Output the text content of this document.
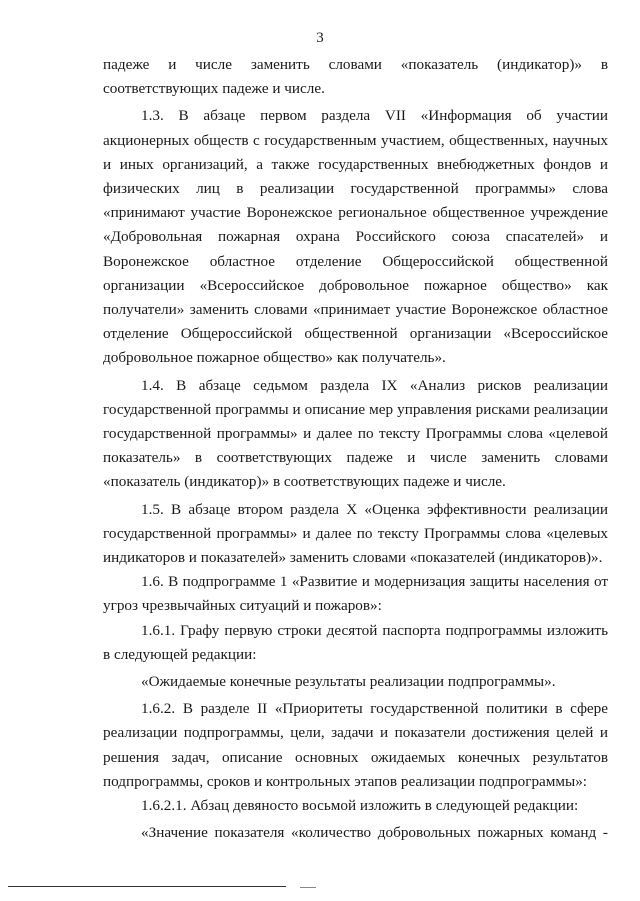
3

падеже и числе заменить словами «показатель (индикатор)» в соответствующих падеже и числе.

1.3. В абзаце первом раздела VII «Информация об участии акционерных обществ с государственным участием, общественных, научных и иных организаций, а также государственных внебюджетных фондов и физических лиц в реализации государственной программы» слова «принимают участие Воронежское региональное общественное учреждение «Добровольная пожарная охрана Российского союза спасателей» и Воронежское областное отделение Общероссийской общественной организации «Всероссийское добровольное пожарное общество» как получатели» заменить словами «принимает участие Воронежское областное отделение Общероссийской общественной организации «Всероссийское добровольное пожарное общество» как получатель».

1.4. В абзаце седьмом раздела IX «Анализ рисков реализации государственной программы и описание мер управления рисками реализации государственной программы» и далее по тексту Программы слова «целевой показатель» в соответствующих падеже и числе заменить словами «показатель (индикатор)» в соответствующих падеже и числе.

1.5. В абзаце втором раздела X «Оценка эффективности реализации государственной программы» и далее по тексту Программы слова «целевых индикаторов и показателей» заменить словами «показателей (индикаторов)».

1.6. В подпрограмме 1 «Развитие и модернизация защиты населения от угроз чрезвычайных ситуаций и пожаров»:

1.6.1. Графу первую строки десятой паспорта подпрограммы изложить в следующей редакции:

«Ожидаемые конечные результаты реализации подпрограммы».

1.6.2. В разделе II «Приоритеты государственной политики в сфере реализации подпрограммы, цели, задачи и показатели достижения целей и решения задач, описание основных ожидаемых конечных результатов подпрограммы, сроков и контрольных этапов реализации подпрограммы»:

1.6.2.1. Абзац девяносто восьмой изложить в следующей редакции:

«Значение показателя «количество добровольных пожарных команд -
